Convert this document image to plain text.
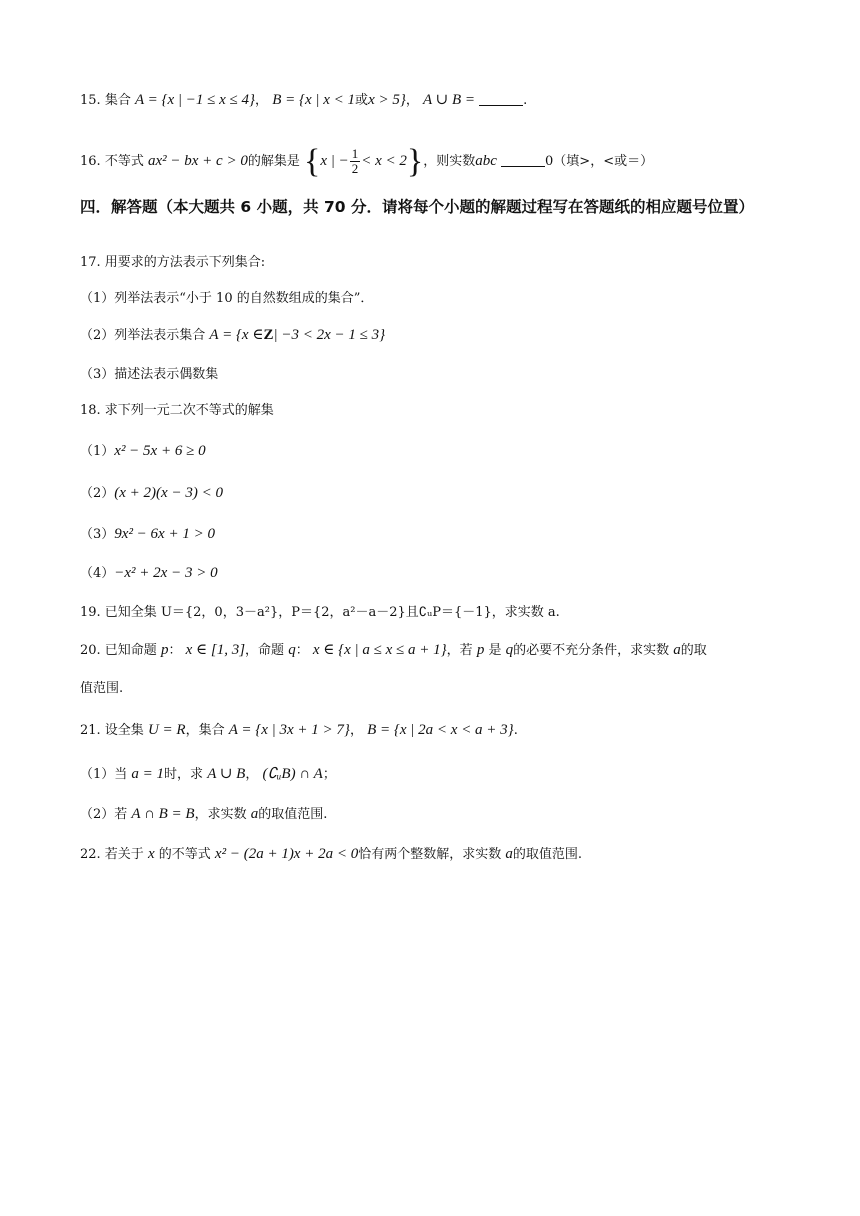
15. 集合 A = {x | −1 ≤ x ≤ 4}， B = {x | x < 1或x > 5}， A ∪ B =	.
16. 不等式 ax² − bx + c > 0的解集是 {x | − $\frac{1}{2} < x < 2$}，则实数abc	0（填>，<或＝）
四．解答题（本大题共 6 小题，共 70 分．请将每个小题的解题过程写在答题纸的相应题号位置）
17. 用要求的方法表示下列集合:
（1）列举法表示“小于 10 的自然数组成的集合”．
（2）列举法表示集合 A = {x ∈Z| −3 < 2x − 1 ≤ 3}
（3）描述法表示偶数集
18. 求下列一元二次不等式的解集
（1）x² − 5x + 6 ≥ 0
（2）(x + 2)(x − 3) < 0
（3）9x² − 6x + 1 > 0
（4）−x² + 2x − 3 > 0
19. 已知全集 U＝{2，0，3－a²}，P＝{2，a²－a－2}且∁ᵤP＝{－1}，求实数 a.
20. 已知命题 p： x ∈ [1, 3]，命题 q： x ∈ {x | a ≤ x ≤ a + 1}，若 p 是 q的必要不充分条件，求实数 a的取
值范围.
21. 设全集 U = R，集合 A = {x | 3x + 1 > 7}， B = {x | 2a < x < a + 3}.
（1）当 a = 1时，求 A ∪ B， (∁ᵤB) ∩ A；
（2）若 A ∩ B = B，求实数 a的取值范围.
22. 若关于 x 的不等式 x² − (2a + 1)x + 2a < 0恰有两个整数解，求实数 a的取值范围.
